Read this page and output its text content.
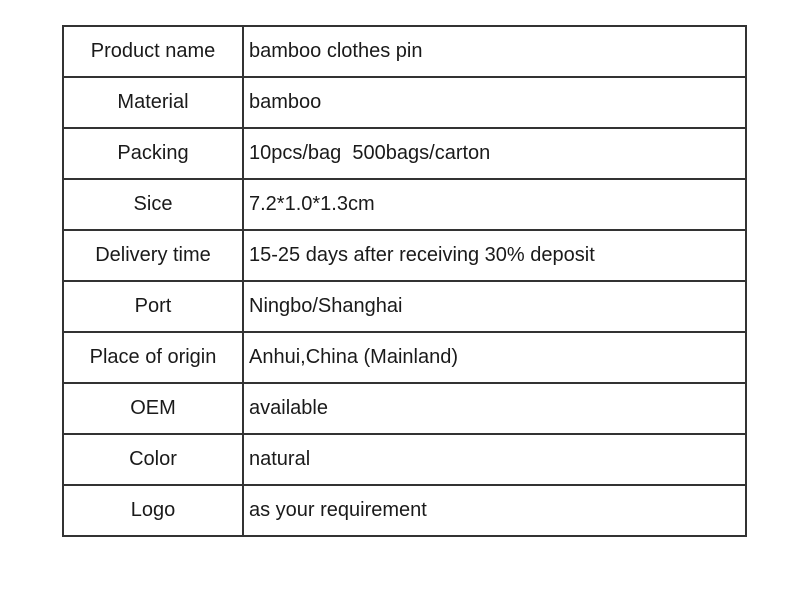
Product name	bamboo clothes pin
Material	bamboo
Packing	10pcs/bag  500bags/carton
Sice	7.2*1.0*1.3cm
Delivery time	15-25 days after receiving 30% deposit
Port	Ningbo/Shanghai
Place of origin	Anhui,China (Mainland)
OEM	available
Color	natural
Logo	as your requirement
